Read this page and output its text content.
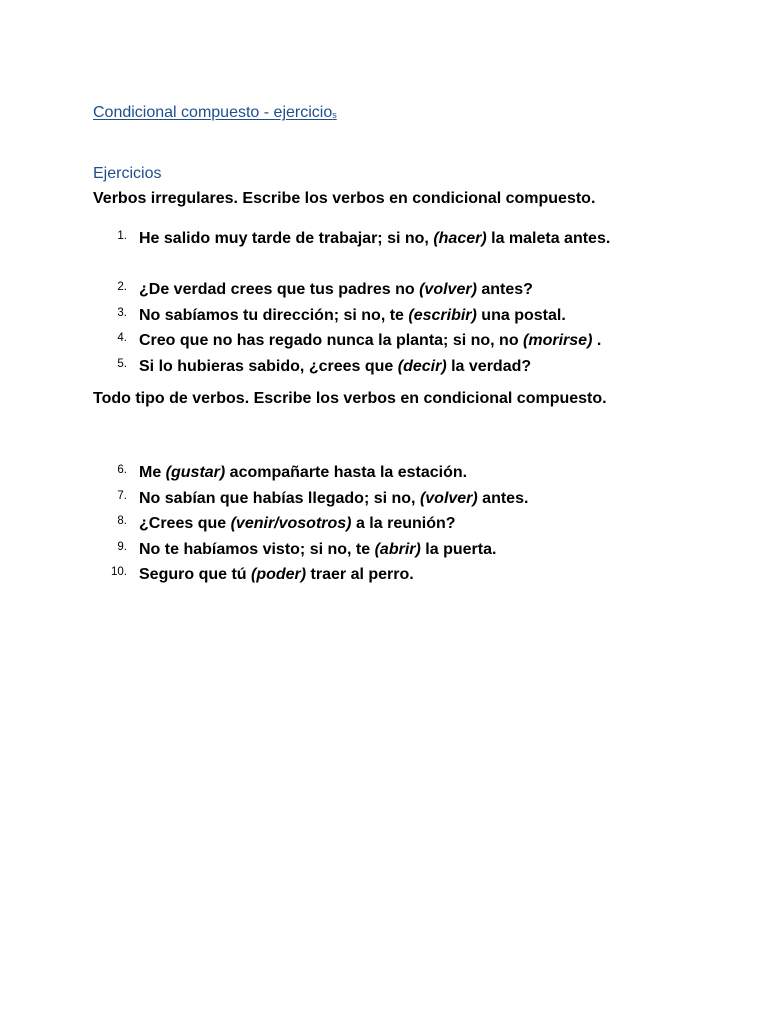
Condicional compuesto - ejercicios
Ejercicios
Verbos irregulares. Escribe los verbos en condicional compuesto.
1. He salido muy tarde de trabajar; si no, (hacer) la maleta antes.
2. ¿De verdad crees que tus padres no (volver) antes?
3. No sabíamos tu dirección; si no, te (escribir) una postal.
4. Creo que no has regado nunca la planta; si no, no (morirse) .
5. Si lo hubieras sabido, ¿crees que (decir) la verdad?
Todo tipo de verbos. Escribe los verbos en condicional compuesto.
6. Me (gustar) acompañarte hasta la estación.
7. No sabían que habías llegado; si no, (volver) antes.
8. ¿Crees que (venir/vosotros) a la reunión?
9. No te habíamos visto; si no, te (abrir) la puerta.
10. Seguro que tú (poder) traer al perro.
